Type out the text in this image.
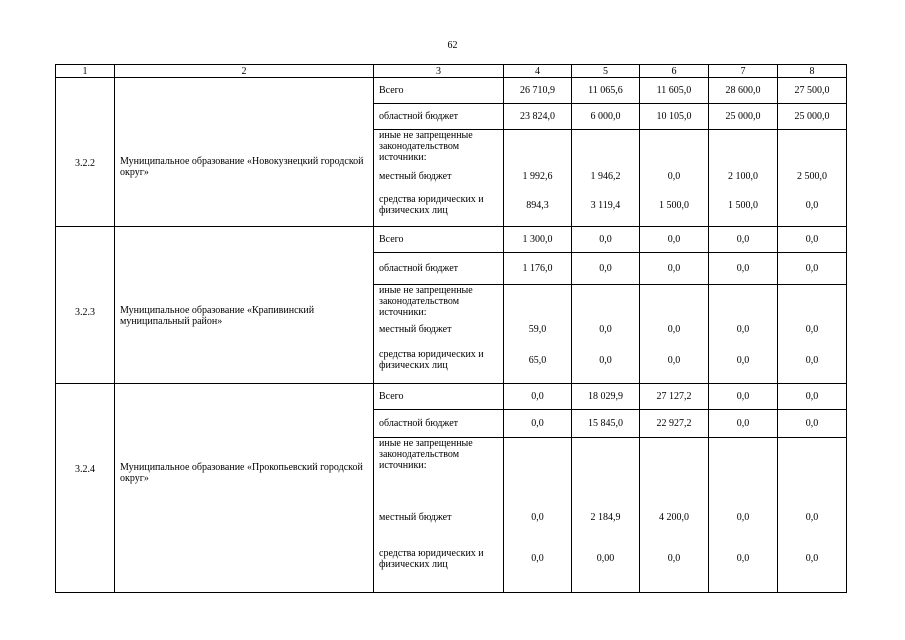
62
1	2	3	4	5	6	7	8
3.2.2	Муниципальное образование «Новокузнецкий городской округ»	Всего	26 710,9	11 065,6	11 605,0	28 600,0	27 500,0
		областной бюджет	23 824,0	6 000,0	10 105,0	25 000,0	25 000,0
		иные не запрещенные законодательством источники:					
		местный бюджет	1 992,6	1 946,2	0,0	2 100,0	2 500,0
		средства юридических и физических лиц	894,3	3 119,4	1 500,0	1 500,0	0,0
3.2.3	Муниципальное образование «Крапивинский муниципальный район»	Всего	1 300,0	0,0	0,0	0,0	0,0
		областной бюджет	1 176,0	0,0	0,0	0,0	0,0
		иные не запрещенные законодательством источники:					
		местный бюджет	59,0	0,0	0,0	0,0	0,0
		средства юридических и физических лиц	65,0	0,0	0,0	0,0	0,0
3.2.4	Муниципальное образование «Прокопьевский городской округ»	Всего	0,0	18 029,9	27 127,2	0,0	0,0
		областной бюджет	0,0	15 845,0	22 927,2	0,0	0,0
		иные не запрещенные законодательством источники:					
		местный бюджет	0,0	2 184,9	4 200,0	0,0	0,0
		средства юридических и физических лиц	0,0	0,00	0,0	0,0	0,0
